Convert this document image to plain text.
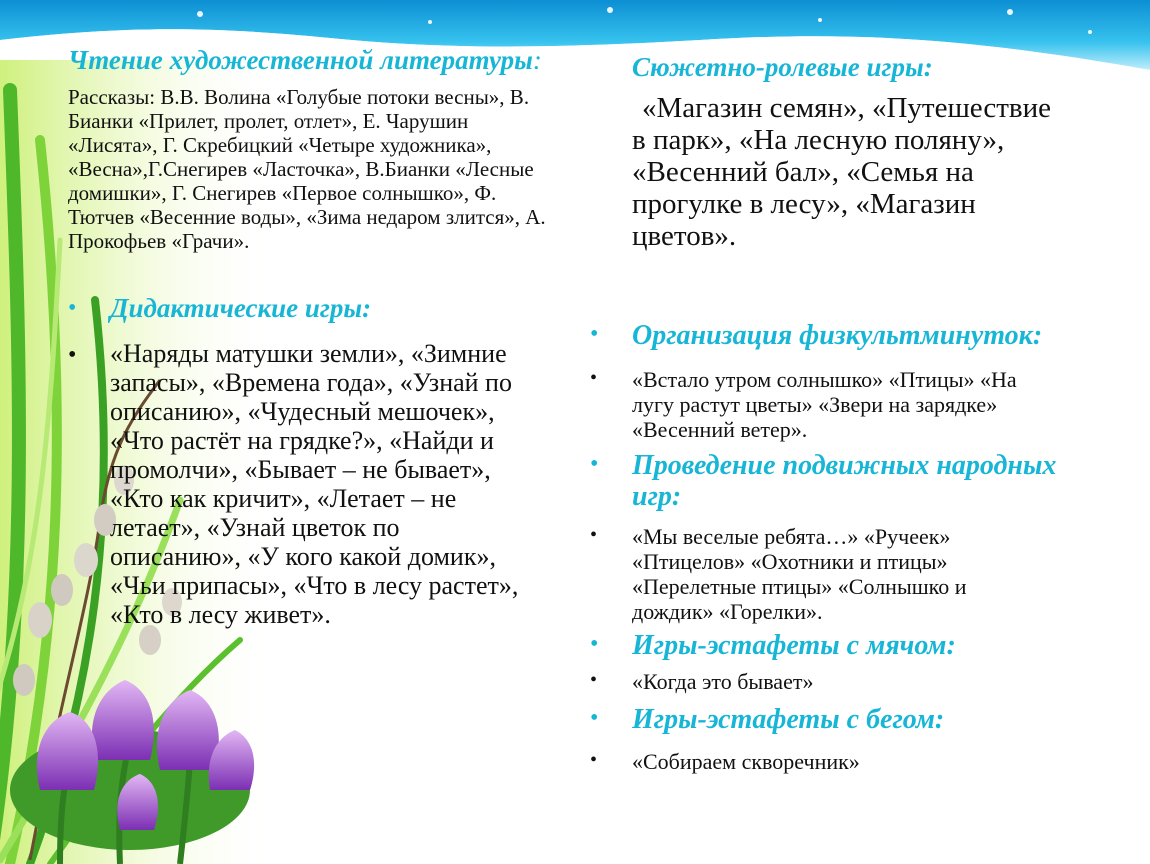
Чтение художественной литературы:

Рассказы: В.В. Волина «Голубые потоки весны», В. Бианки «Прилет, пролет, отлет», Е. Чарушин «Лисята», Г. Скребицкий «Четыре художника», «Весна»,Г.Снегирев «Ласточка», В.Бианки «Лесные домишки», Г. Снегирев «Первое солнышко», Ф. Тютчев «Весенние воды», «Зима недаром злится», А. Прокофьев «Грачи».

•	Дидактические игры:
•	«Наряды матушки земли», «Зимние запасы», «Времена года», «Узнай по описанию», «Чудесный мешочек», «Что растёт на грядке?», «Найди и промолчи», «Бывает – не бывает», «Кто как кричит», «Летает – не летает», «Узнай цветок по описанию», «У кого какой домик», «Чьи припасы», «Что в лесу растет», «Кто в лесу живет».

Сюжетно-ролевые игры:

«Магазин семян», «Путешествие в парк», «На лесную поляну», «Весенний бал», «Семья на прогулке в лесу», «Магазин цветов».

•	Организация физкультминуток:
•	«Встало утром солнышко» «Птицы» «На лугу растут цветы» «Звери на зарядке» «Весенний ветер».
•	Проведение подвижных народных игр:
•	«Мы веселые ребята…» «Ручеек» «Птицелов» «Охотники и птицы» «Перелетные птицы» «Солнышко и дождик» «Горелки».
•	Игры-эстафеты с мячом:
•	«Когда это бывает»
•	Игры-эстафеты с бегом:
•	«Собираем скворечник»
